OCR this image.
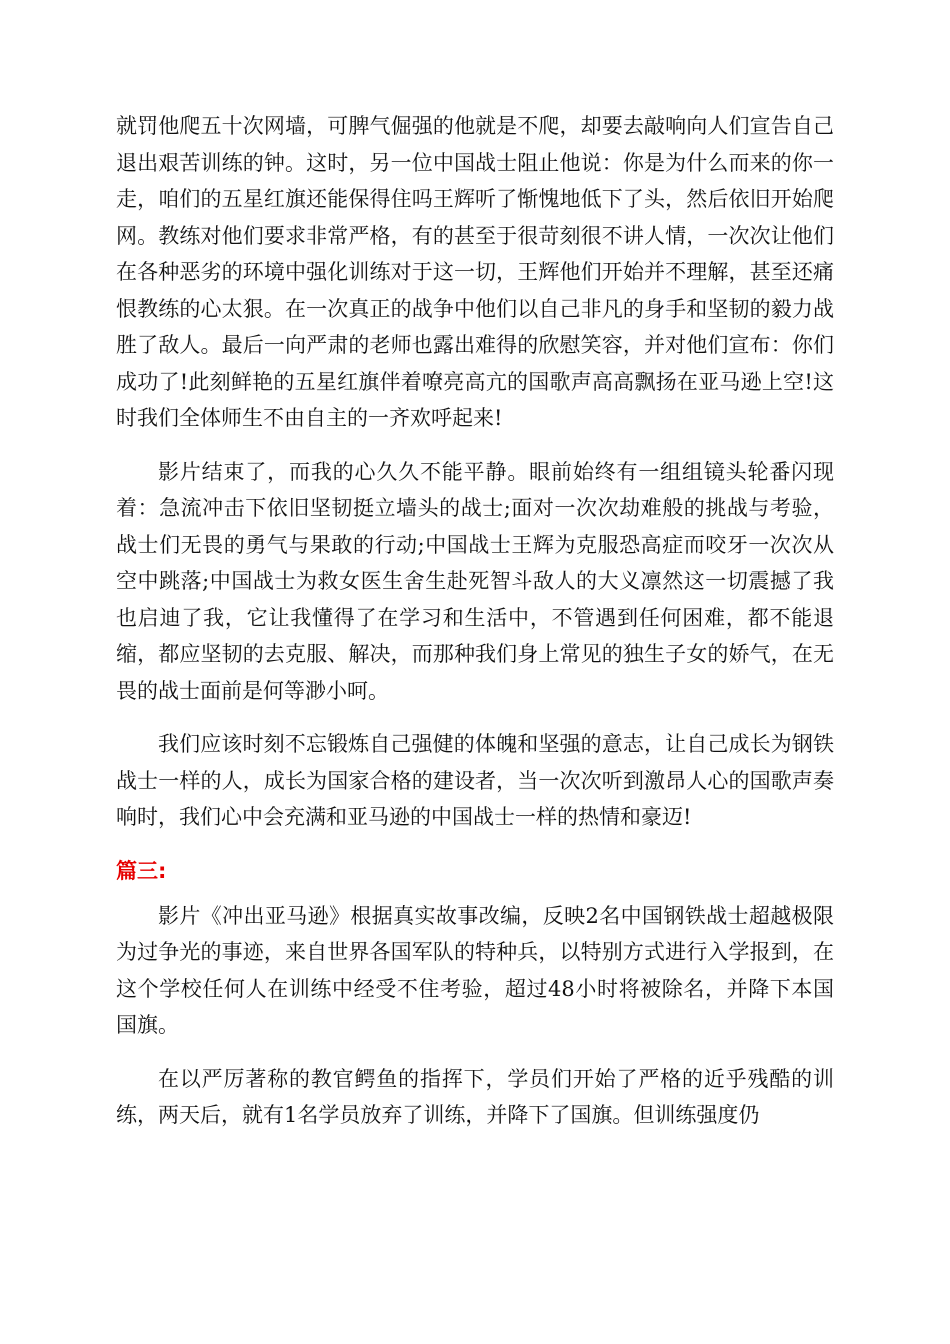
就罚他爬五十次网墙，可脾气倔强的他就是不爬，却要去敲响向人们宣告自己退出艰苦训练的钟。这时，另一位中国战士阻止他说：你是为什么而来的你一走，咱们的五星红旗还能保得住吗王辉听了惭愧地低下了头，然后依旧开始爬网。教练对他们要求非常严格，有的甚至于很苛刻很不讲人情，一次次让他们在各种恶劣的环境中强化训练对于这一切，王辉他们开始并不理解，甚至还痛恨教练的心太狠。在一次真正的战争中他们以自己非凡的身手和坚韧的毅力战胜了敌人。最后一向严肃的老师也露出难得的欣慰笑容，并对他们宣布：你们成功了!此刻鲜艳的五星红旗伴着嘹亮高亢的国歌声高高飘扬在亚马逊上空!这时我们全体师生不由自主的一齐欢呼起来!

影片结束了，而我的心久久不能平静。眼前始终有一组组镜头轮番闪现着：急流冲击下依旧坚韧挺立墙头的战士;面对一次次劫难般的挑战与考验，战士们无畏的勇气与果敢的行动;中国战士王辉为克服恐高症而咬牙一次次从空中跳落;中国战士为救女医生舍生赴死智斗敌人的大义凛然这一切震撼了我也启迪了我，它让我懂得了在学习和生活中，不管遇到任何困难，都不能退缩，都应坚韧的去克服、解决，而那种我们身上常见的独生子女的娇气，在无畏的战士面前是何等渺小呵。

我们应该时刻不忘锻炼自己强健的体魄和坚强的意志，让自己成长为钢铁战士一样的人，成长为国家合格的建设者，当一次次听到激昂人心的国歌声奏响时，我们心中会充满和亚马逊的中国战士一样的热情和豪迈!

篇三:

影片《冲出亚马逊》根据真实故事改编，反映2名中国钢铁战士超越极限为过争光的事迹，来自世界各国军队的特种兵，以特别方式进行入学报到，在这个学校任何人在训练中经受不住考验，超过48小时将被除名，并降下本国国旗。

在以严厉著称的教官鳄鱼的指挥下，学员们开始了严格的近乎残酷的训练，两天后，就有1名学员放弃了训练，并降下了国旗。但训练强度仍
